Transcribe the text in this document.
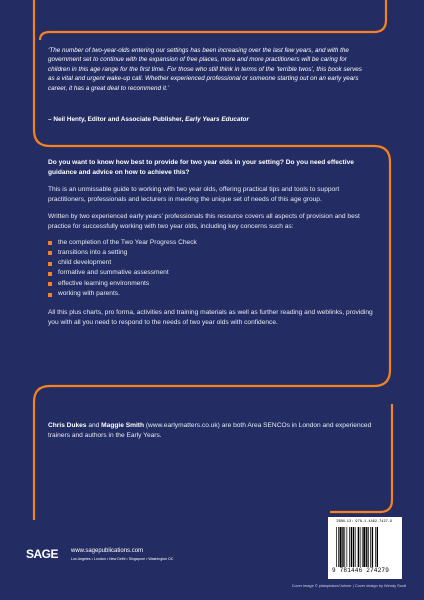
‘The number of two-year-olds entering our settings has been increasing over the last few years, and with the government set to continue with the expansion of free places, more and more practitioners will be caring for children in this age range for the first time. For those who still think in terms of the ‘terrible twos’, this book serves as a vital and urgent wake-up call. Whether experienced professional or someone starting out on an early years career, it has a great deal to recommend it.’
– Neil Henty, Editor and Associate Publisher, Early Years Educator

Do you want to know how best to provide for two year olds in your setting? Do you need effective guidance and advice on how to achieve this?

This is an unmissable guide to working with two year olds, offering practical tips and tools to support practitioners, professionals and lecturers in meeting the unique set of needs of this age group.

Written by two experienced early years’ professionals this resource covers all aspects of provision and best practice for successfully working with two year olds, including key concerns such as:

the completion of the Two Year Progress Check
transitions into a setting
child development
formative and summative assessment
effective learning environments
working with parents.

All this plus charts, pro forma, activities and training materials as well as further reading and weblinks, providing you with all you need to respond to the needs of two year olds with confidence.

Chris Dukes and Maggie Smith (www.earlymatters.co.uk) are both Area SENCOs in London and experienced trainers and authors in the Early Years.
SAGE www.sagepublications.com
Los Angeles • London • New Delhi • Singapore • Washington DC
ISBN-13: 978-1-4462-7427-9
9 781446 274279
Cover image © plainpicture/Johner | Cover design by Wendy Scott
